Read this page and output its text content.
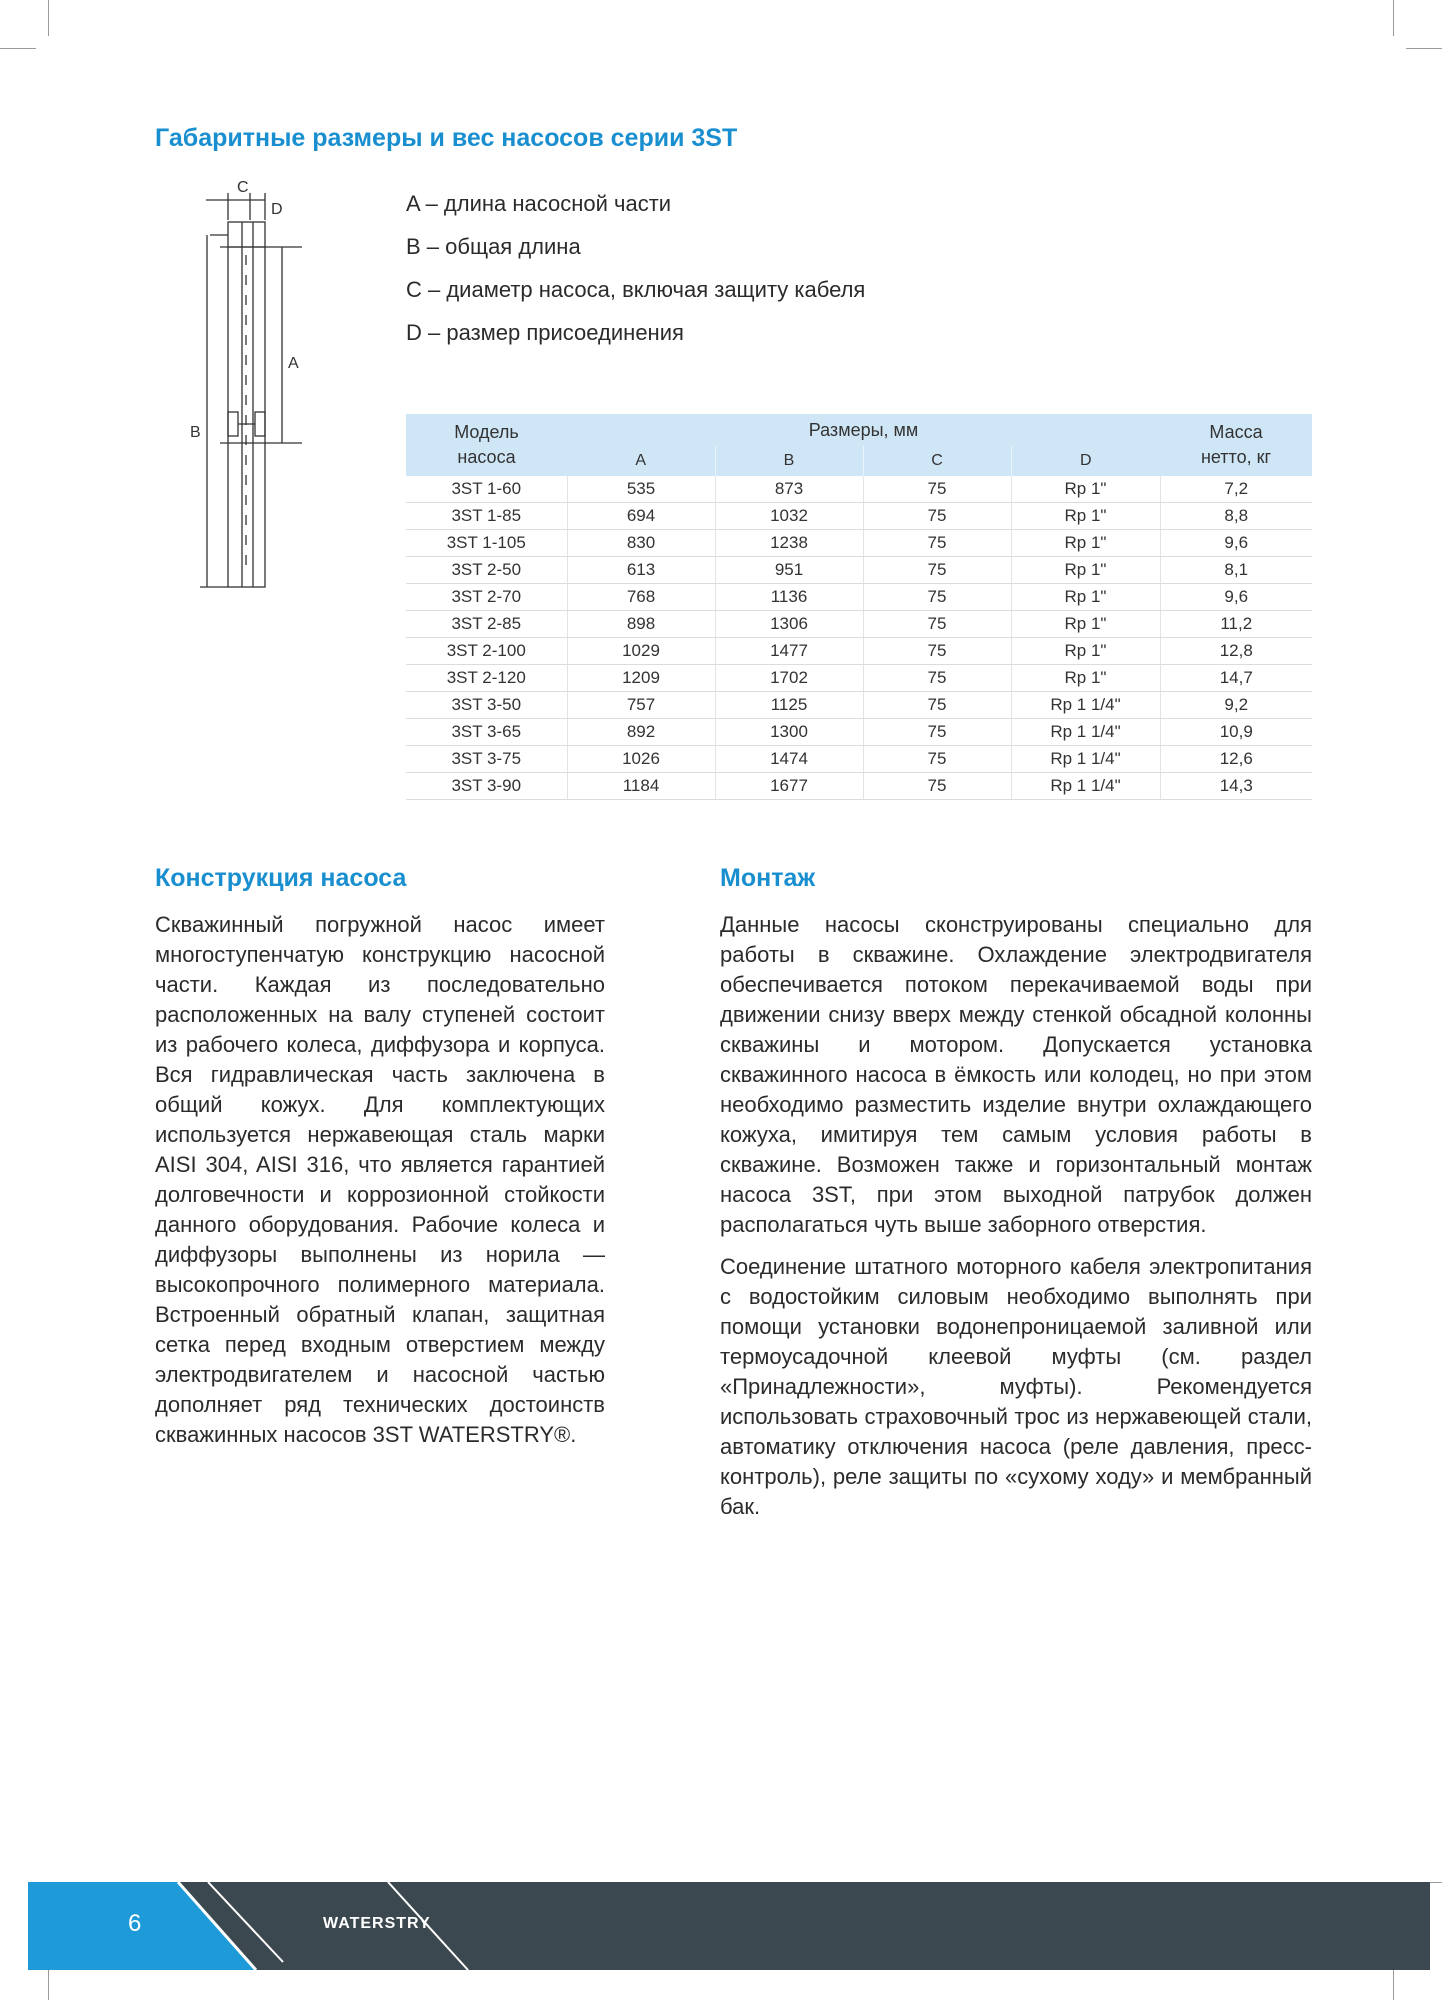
Габаритные размеры и вес насосов серии 3ST
C
D
A
B
A – длина насосной части
B – общая длина
C – диаметр насоса, включая защиту кабеля
D – размер присоединения
Модель насоса	Размеры, мм				Масса нетто, кг
	A	B	C	D	
3ST 1-60	535	873	75	Rp 1"	7,2
3ST 1-85	694	1032	75	Rp 1"	8,8
3ST 1-105	830	1238	75	Rp 1"	9,6
3ST 2-50	613	951	75	Rp 1"	8,1
3ST 2-70	768	1136	75	Rp 1"	9,6
3ST 2-85	898	1306	75	Rp 1"	11,2
3ST 2-100	1029	1477	75	Rp 1"	12,8
3ST 2-120	1209	1702	75	Rp 1"	14,7
3ST 3-50	757	1125	75	Rp 1 1/4"	9,2
3ST 3-65	892	1300	75	Rp 1 1/4"	10,9
3ST 3-75	1026	1474	75	Rp 1 1/4"	12,6
3ST 3-90	1184	1677	75	Rp 1 1/4"	14,3
Конструкция насоса

Скважинный погружной насос имеет многоступенчатую конструкцию насосной части. Каждая из последовательно расположенных на валу ступеней состоит из рабочего колеса, диффузора и корпуса. Вся гидравлическая часть заключена в общий кожух. Для комплектующих используется нержавеющая сталь марки AISI 304, AISI 316, что является гарантией долговечности и коррозионной стойкости данного оборудования. Рабочие колеса и диффузоры выполнены из норила — высокопрочного полимерного материала. Встроенный обратный клапан, защитная сетка перед входным отверстием между электродвигателем и насосной частью дополняет ряд технических достоинств скважинных насосов 3ST WATERSTRY®.

Монтаж

Данные насосы сконструированы специально для работы в скважине. Охлаждение электродвигателя обеспечивается потоком перекачиваемой воды при движении снизу вверх между стенкой обсадной колонны скважины и мотором. Допускается установка скважинного насоса в ёмкость или колодец, но при этом необходимо разместить изделие внутри охлаждающего кожуха, имитируя тем самым условия работы в скважине. Возможен также и горизонтальный монтаж насоса 3ST, при этом выходной патрубок должен располагаться чуть выше заборного отверстия.

Соединение штатного моторного кабеля электропитания с водостойким силовым необходимо выполнять при помощи установки водонепроницаемой заливной или термоусадочной клеевой муфты (см. раздел «Принадлежности», муфты). Рекомендуется использовать страховочный трос из нержавеющей стали, автоматику отключения насоса (реле давления, пресс-контроль), реле защиты по «сухому ходу» и мембранный бак.

6	WATERSTRY
